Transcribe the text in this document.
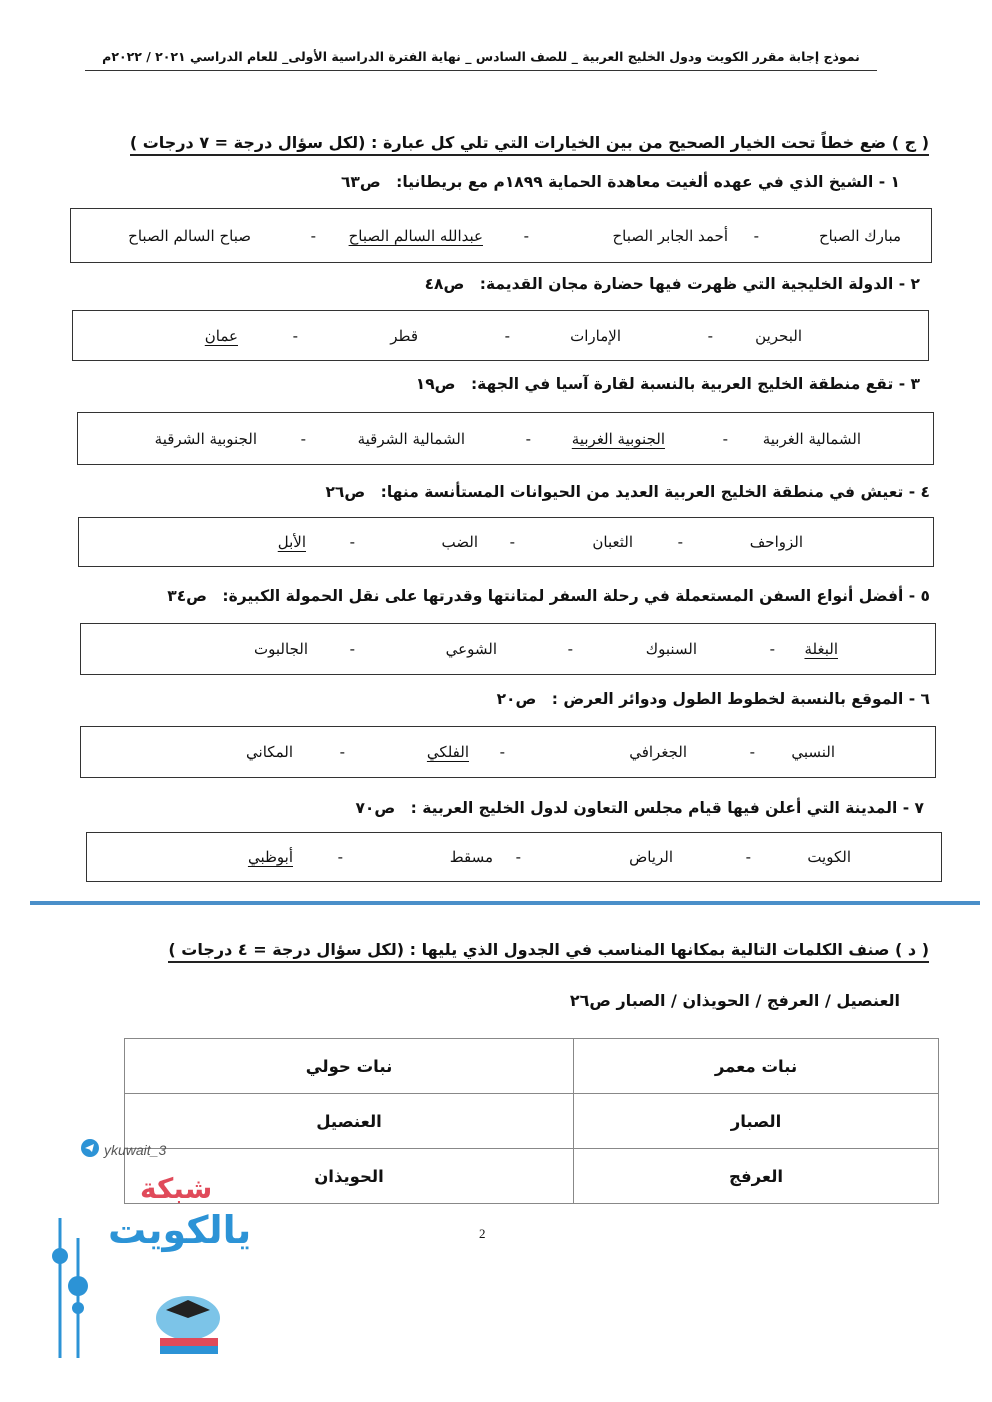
نموذج إجابة مقرر الكويت ودول الخليج العربية _ للصف السادس _ نهاية الفترة الدراسية الأولى_ للعام الدراسي ٢٠٢١ / ٢٠٢٢م
( ج ) ضع خطاً تحت الخيار الصحيح من بين الخيارات التي تلي كل عبارة : (لكل سؤال درجة = ٧ درجات )
١ - الشيخ الذي في عهده ألغيت معاهدة الحماية ١٨٩٩م مع بريطانيا: ص٦٣
مبارك الصباح
-
أحمد الجابر الصباح
-
عبدالله السالم الصباح
-
صباح السالم الصباح
٢ - الدولة الخليجية التي ظهرت فيها حضارة مجان القديمة: ص٤٨
البحرين
-
الإمارات
-
قطر
-
عمان
٣ - تقع منطقة الخليج العربية بالنسبة لقارة آسيا في الجهة: ص١٩
الشمالية الغربية
-
الجنوبية الغربية
-
الشمالية الشرقية
-
الجنوبية الشرقية
٤ - تعيش في منطقة الخليج العربية العديد من الحيوانات المستأنسة منها: ص٢٦
الزواحف
-
الثعبان
-
الضب
-
الأبل
٥ - أفضل أنواع السفن المستعملة في رحلة السفر لمتانتها وقدرتها على نقل الحمولة الكبيرة: ص٣٤
البغلة
-
السنبوك
-
الشوعي
-
الجالبوت
٦ - الموقع بالنسبة لخطوط الطول ودوائر العرض : ص٢٠
النسبي
-
الجغرافي
-
الفلكي
-
المكاني
٧ - المدينة التي أعلن فيها قيام مجلس التعاون لدول الخليج العربية : ص٧٠
الكويت
-
الرياض
-
مسقط
-
أبوظبي
( د ) صنف الكلمات التالية بمكانها المناسب في الجدول الذي يليها : (لكل سؤال درجة = ٤ درجات )
العنصيل / العرفج / الحويذان / الصبار ص٢٦
نبات معمر	نبات حولي
الصبار	العنصيل
العرفج	الحويذان
2
ykuwait_3
شبكة
يالكويت
